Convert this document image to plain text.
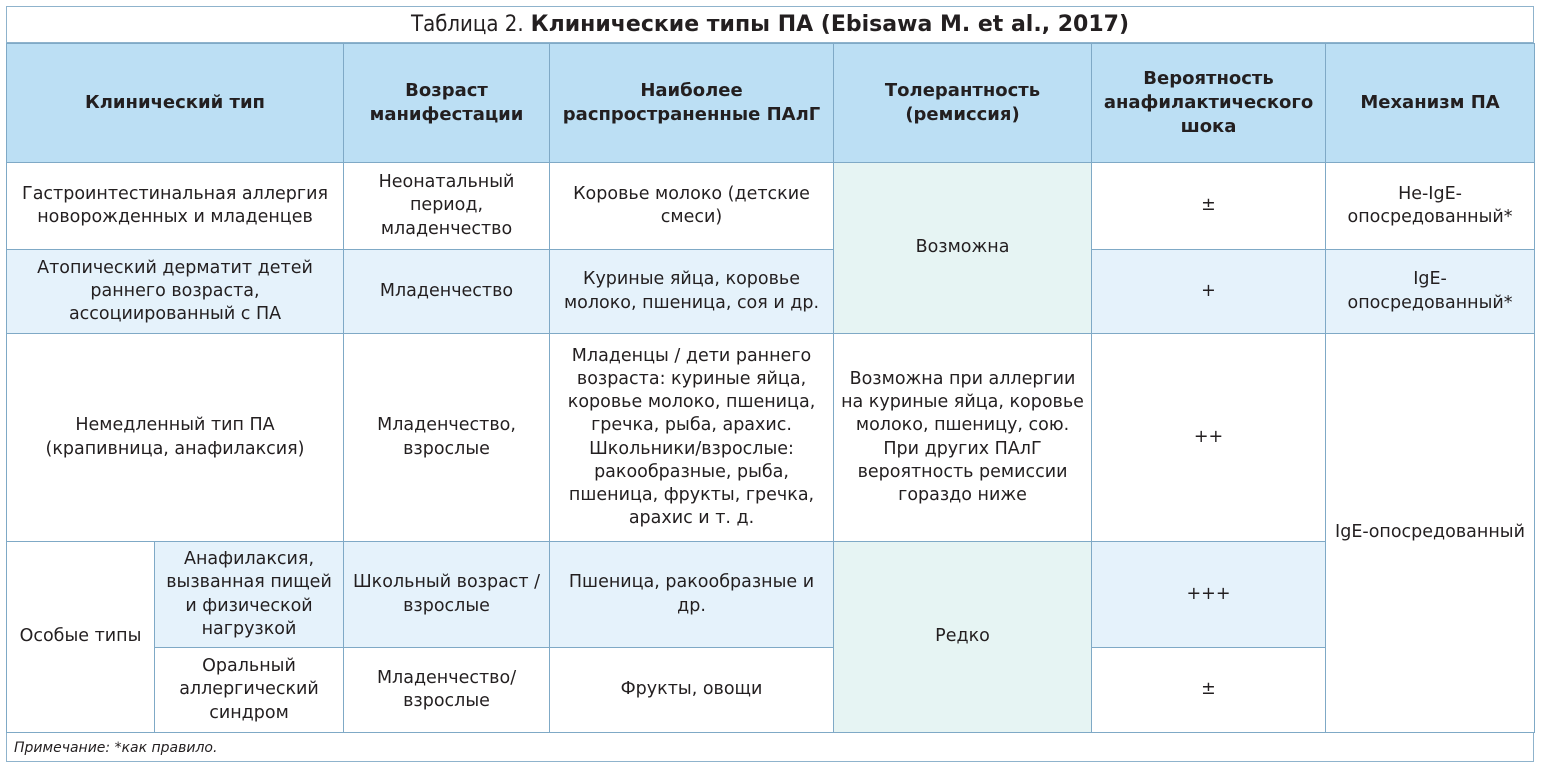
Таблица 2. Клинические типы ПА (Ebisawa M. et al., 2017)
Клинический тип		Возраст манифестации	Наиболее распространенные ПАлГ	Толерантность (ремиссия)	Вероятность анафилактического шока	Механизм ПА
Гастроинтестинальная аллергия новорожденных и младенцев		Неонатальный период, младенчество	Коровье молоко (детские смеси)	Возможна	±	Не-IgE-опосредованный*
Атопический дерматит детей раннего возраста, ассоциированный с ПА		Младенчество	Куриные яйца, коровье молоко, пшеница, соя и др.		+	IgE-опосредованный*
Немедленный тип ПА (крапивница, анафилаксия)		Младенчество, взрослые	Младенцы / дети раннего возраста: куриные яйца, коровье молоко, пшеница, гречка, рыба, арахис. Школьники/взрослые: ракообразные, рыба, пшеница, фрукты, гречка, арахис и т. д.	Возможна при аллергии на куриные яйца, коровье молоко, пшеницу, сою. При других ПАлГ вероятность ремиссии гораздо ниже	++	IgE-опосредованный
Особые типы	Анафилаксия, вызванная пищей и физической нагрузкой	Школьный возраст / взрослые	Пшеница, ракообразные и др.	Редко	+++	
	Оральный аллергический синдром	Младенчество/ взрослые	Фрукты, овощи		±	
Примечание: *как правило.
